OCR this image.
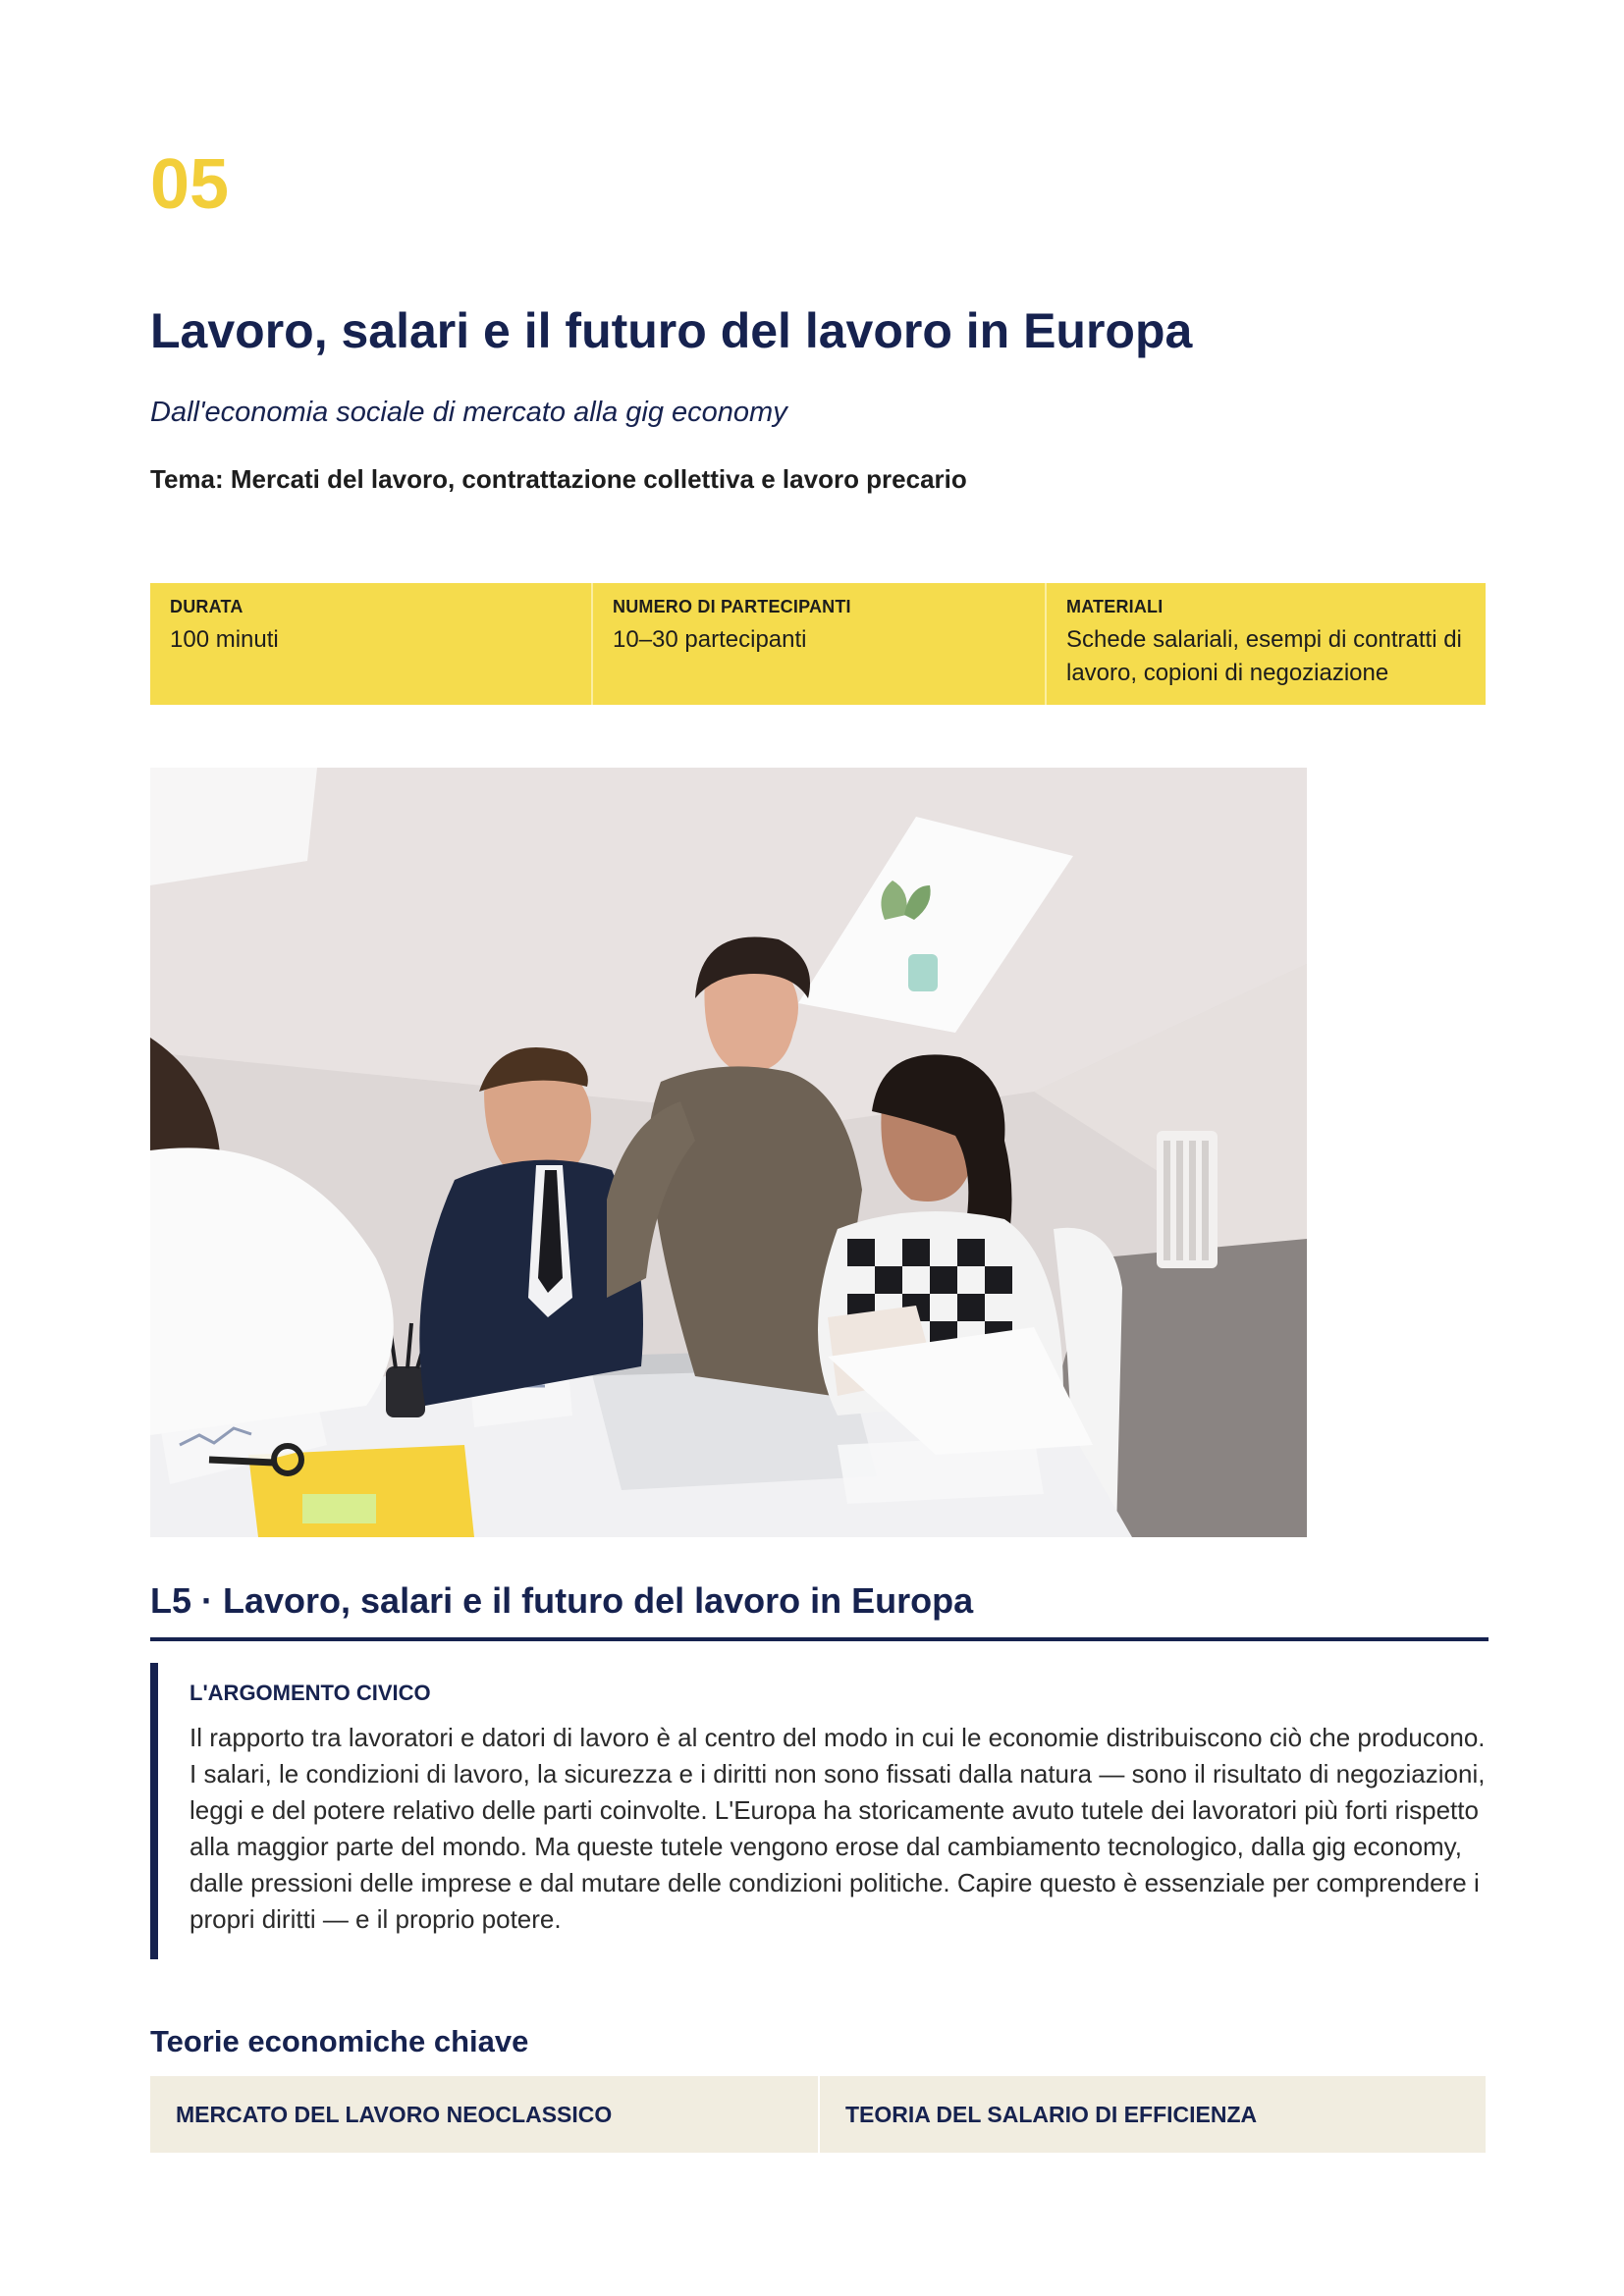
05
Lavoro, salari e il futuro del lavoro in Europa

Dall'economia sociale di mercato alla gig economy

Tema: Mercati del lavoro, contrattazione collettiva e lavoro precario

DURATA
100 minuti
NUMERO DI PARTECIPANTI
10–30 partecipanti
MATERIALI
Schede salariali, esempi di contratti di lavoro, copioni di negoziazione
L5 · Lavoro, salari e il futuro del lavoro in Europa
L'ARGOMENTO CIVICO

Il rapporto tra lavoratori e datori di lavoro è al centro del modo in cui le economie distribuiscono ciò che producono. I salari, le condizioni di lavoro, la sicurezza e i diritti non sono fissati dalla natura — sono il risultato di negoziazioni, leggi e del potere relativo delle parti coinvolte. L'Europa ha storicamente avuto tutele dei lavoratori più forti rispetto alla maggior parte del mondo. Ma queste tutele vengono erose dal cambiamento tecnologico, dalla gig economy, dalle pressioni delle imprese e dal mutare delle condizioni politiche. Capire questo è essenziale per comprendere i propri diritti — e il proprio potere.

Teorie economiche chiave
MERCATO DEL LAVORO NEOCLASSICO	TEORIA DEL SALARIO DI EFFICIENZA
